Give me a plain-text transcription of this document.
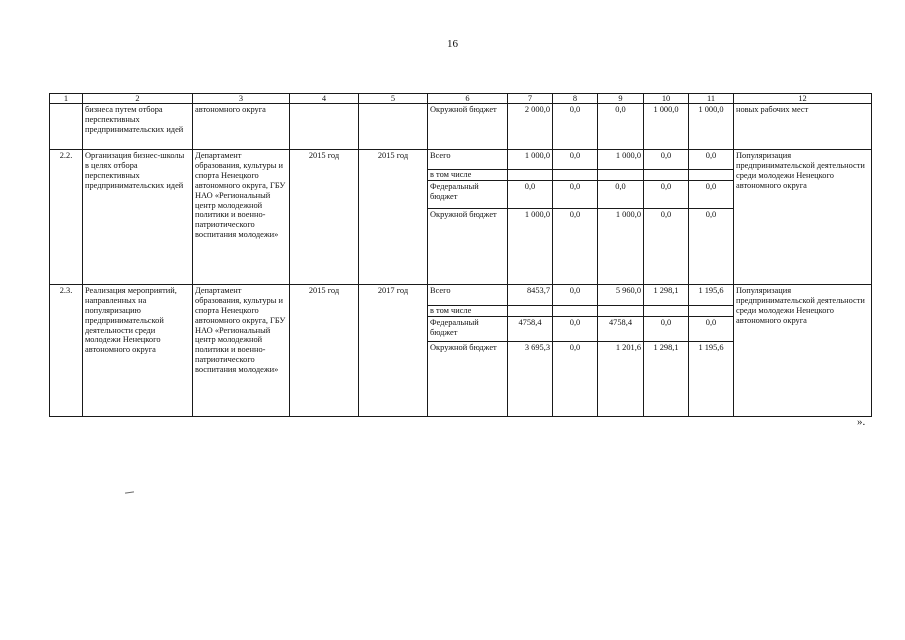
16
1	2	3	4	5	6	7	8	9	10	11	12
	бизнеса путем отбора перспективных предпринимательских идей	автономного округа			Окружной бюджет	2 000,0	0,0	0,0	1 000,0	1 000,0	новых рабочих мест
2.2.	Организация бизнес-школы в целях отбора перспективных предпринимательских идей	Департамент образования, культуры и спорта Ненецкого автономного округа, ГБУ НАО «Региональный центр молодежной политики и военно-патриотического воспитания молодежи»	2015 год	2015 год	Всего	1 000,0	0,0	1 000,0	0,0	0,0	Популяризация предпринимательской деятельности среди молодежи Ненецкого автономного округа
					в том числе						
					Федеральный бюджет	0,0	0,0	0,0	0,0	0,0	
					Окружной бюджет	1 000,0	0,0	1 000,0	0,0	0,0	
2.3.	Реализация мероприятий, направленных на популяризацию предпринимательской деятельности среди молодежи Ненецкого автономного округа	Департамент образования, культуры и спорта Ненецкого автономного округа, ГБУ НАО «Региональный центр молодежной политики и военно-патриотического воспитания молодежи»	2015 год	2017 год	Всего	8453,7	0,0	5 960,0	1 298,1	1 195,6	Популяризация предпринимательской деятельности среди молодежи Ненецкого автономного округа
					в том числе						
					Федеральный бюджет	4758,4	0,0	4758,4	0,0	0,0	
					Окружной бюджет	3 695,3	0,0	1 201,6	1 298,1	1 195,6	
».
